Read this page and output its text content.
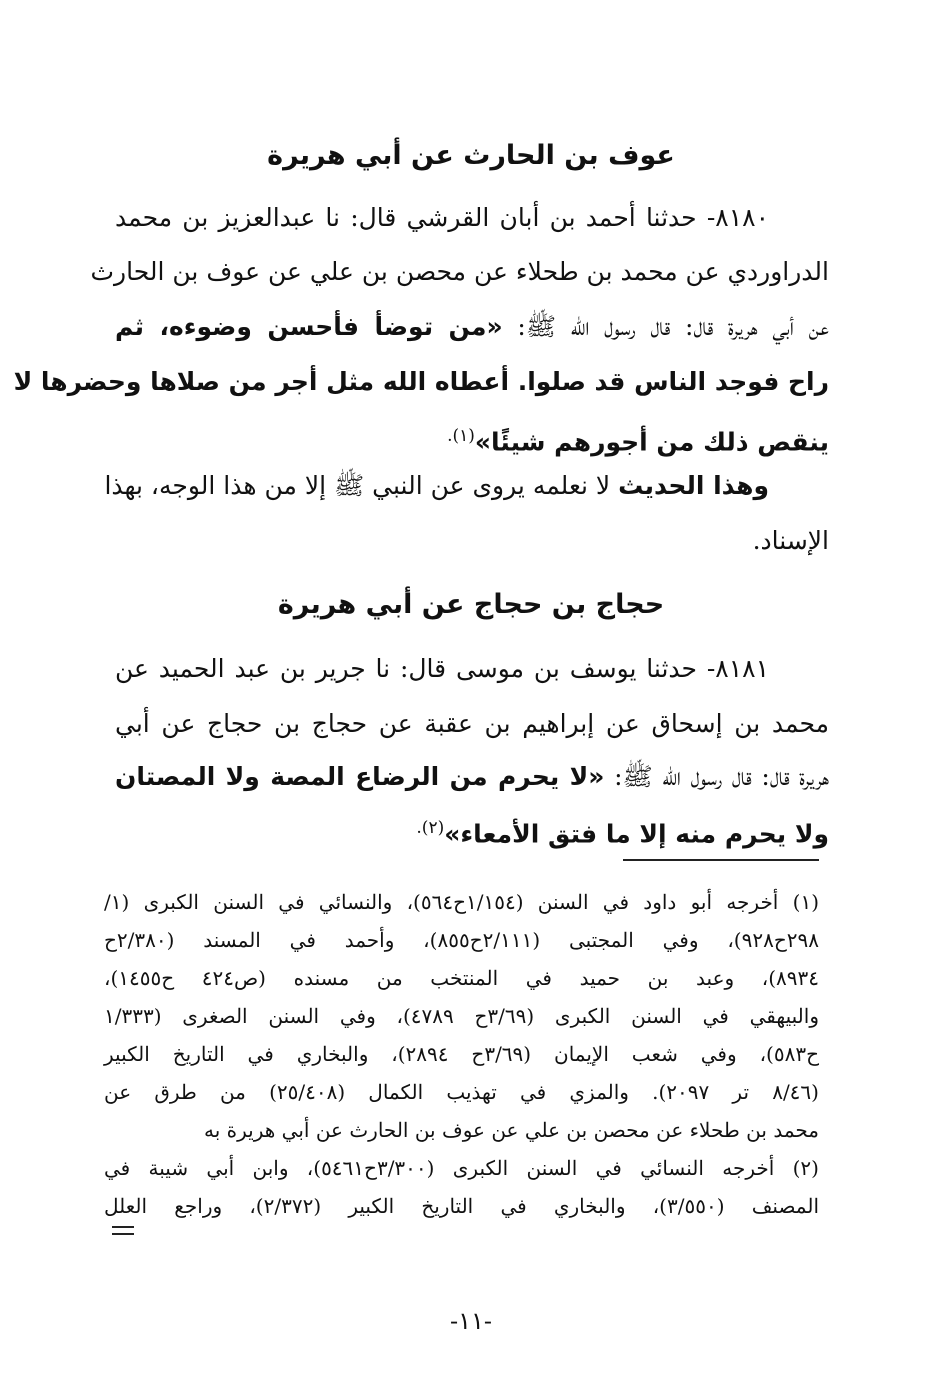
عوف بن الحارث عن أبي هريرة
٨١٨٠- حدثنا أحمد بن أبان القرشي قال: نا عبدالعزيز بن محمد
الدراوردي عن محمد بن طحلاء عن محصن بن علي عن عوف بن الحارث
عن أبي هريرة قال: قال رسول الله ﷺ: «من توضأ فأحسن وضوءه، ثم
راح فوجد الناس قد صلوا. أعطاه الله مثل أجر من صلاها وحضرها لا
ينقص ذلك من أجورهم شيئًا»$^{(١).}$
وهذا الحديث لا نعلمه يروى عن النبي ﷺ إلا من هذا الوجه، بهذا
الإسناد.
حجاج بن حجاج عن أبي هريرة
٨١٨١- حدثنا يوسف بن موسى قال: نا جرير بن عبد الحميد عن
محمد بن إسحاق عن إبراهيم بن عقبة عن حجاج بن حجاج عن أبي
هريرة قال: قال رسول الله ﷺ: «لا يحرم من الرضاع المصة ولا المصتان
ولا يحرم منه إلا ما فتق الأمعاء»$^{(٢).}$
(١) أخرجه أبو داود في السنن (١/١٥٤ح٥٦٤)، والنسائي في السنن الكبرى (١/
٢٩٨ح٩٢٨)، وفي المجتبى (٢/١١١ح٨٥٥)، وأحمد في المسند (٢/٣٨٠ح
٨٩٣٤)، وعبد بن حميد في المنتخب من مسنده (ص٤٢٤ ح١٤٥٥)،
والبيهقي في السنن الكبرى (٣/٦٩ح ٤٧٨٩)، وفي السنن الصغرى (١/٣٣٣
ح٥٨٣)، وفي شعب الإيمان (٣/٦٩ح ٢٨٩٤)، والبخاري في التاريخ الكبير
(٨/٤٦ تر ٢٠٩٧). والمزي في تهذيب الكمال (٢٥/٤٠٨) من طرق عن
محمد بن طحلاء عن محصن بن علي عن عوف بن الحارث عن أبي هريرة به
(٢) أخرجه النسائي في السنن الكبرى (٣/٣٠٠ح٥٤٦١)، وابن أبي شيبة في
المصنف (٣/٥٥٠)، والبخاري في التاريخ الكبير (٢/٣٧٢)، وراجع العلل
-١١-
